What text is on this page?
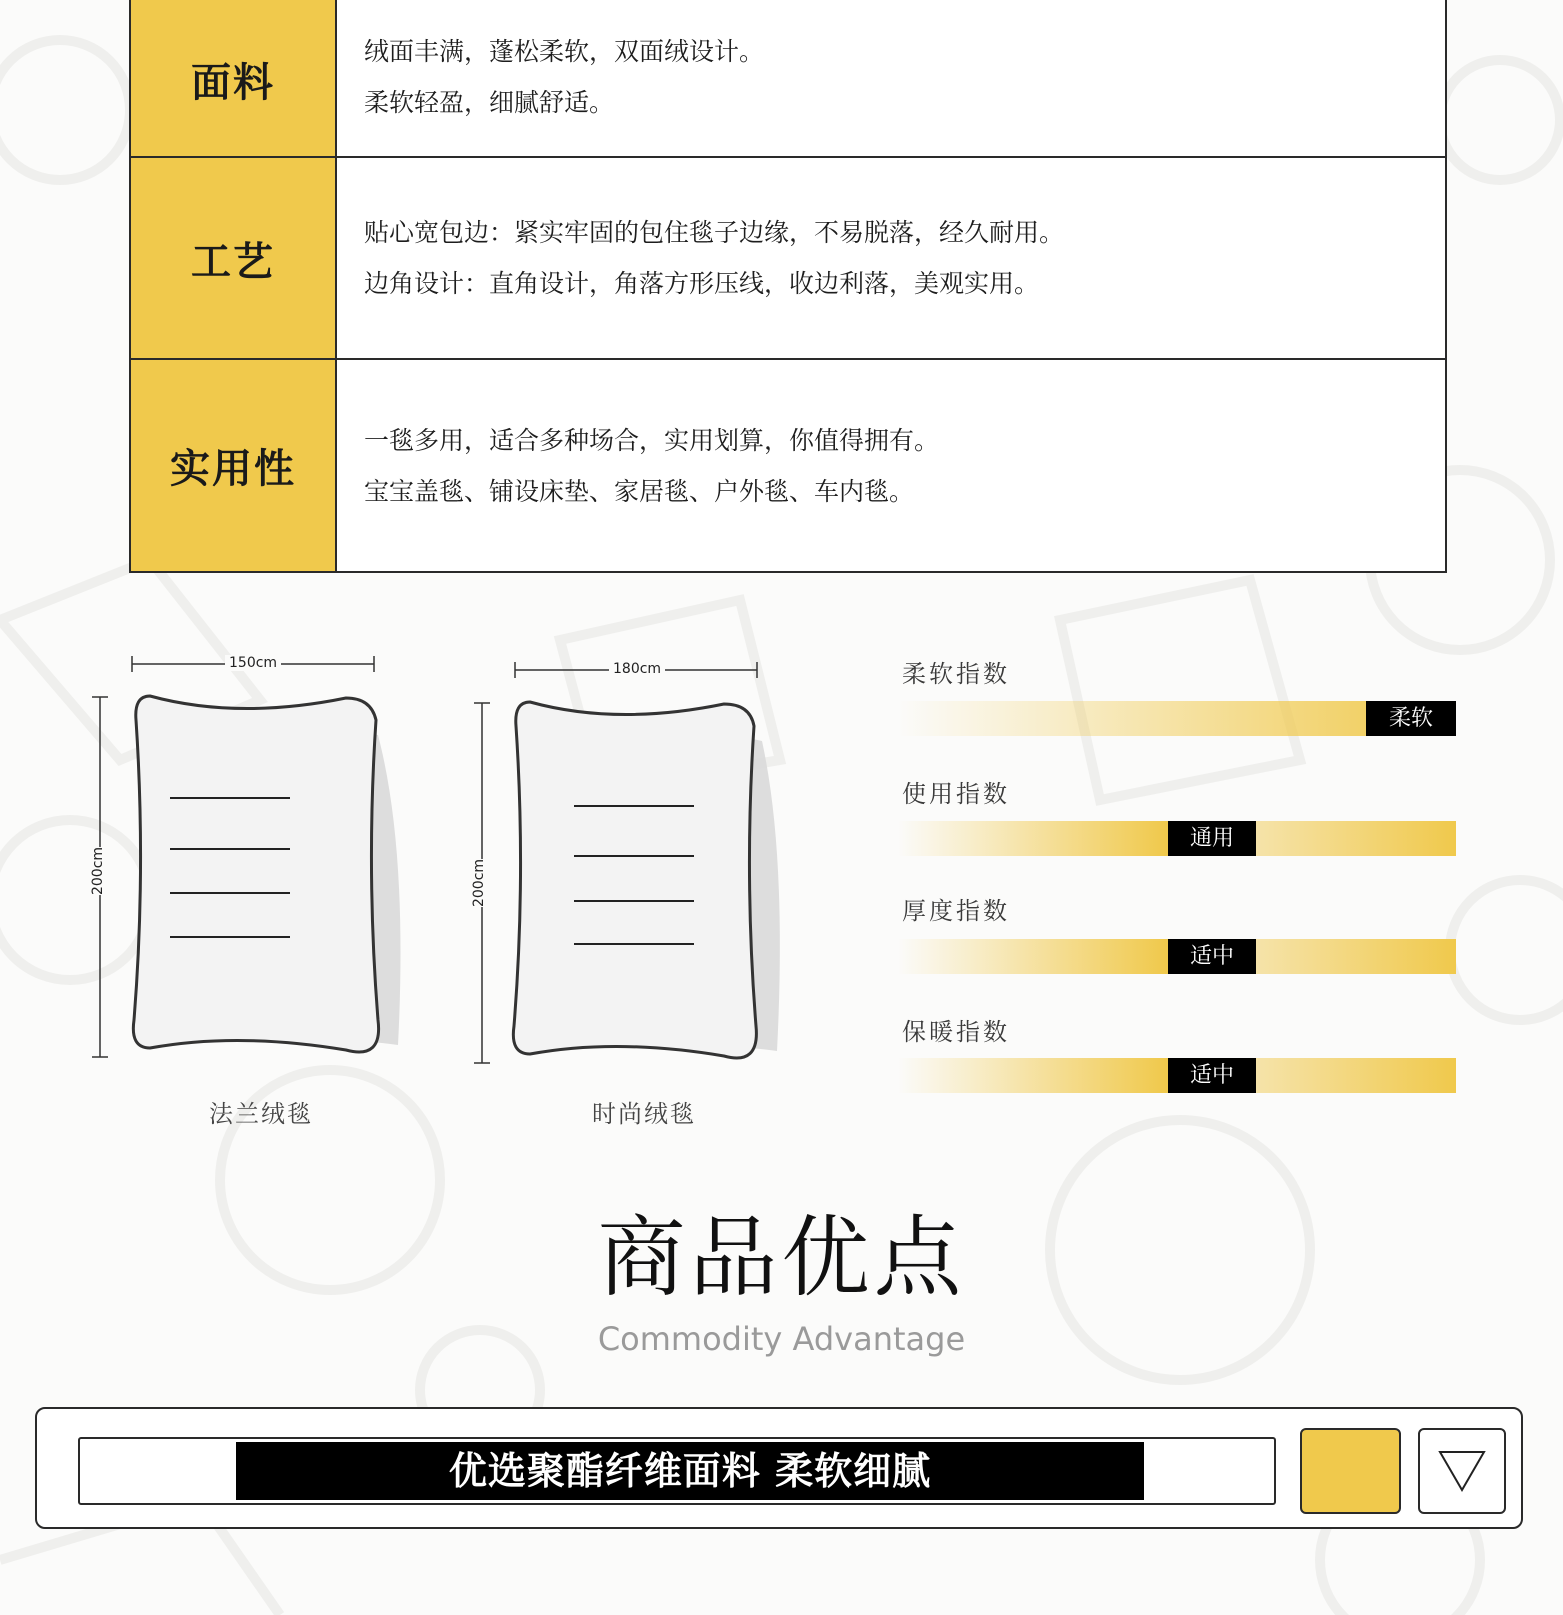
面料
绒面丰满，蓬松柔软，双面绒设计。
柔软轻盈，细腻舒适。
工艺
贴心宽包边：紧实牢固的包住毯子边缘，不易脱落，经久耐用。
边角设计：直角设计，角落方形压线，收边利落，美观实用。
实用性
一毯多用，适合多种场合，实用划算，你值得拥有。
宝宝盖毯、铺设床垫、家居毯、户外毯、车内毯。
150cm
200cm
法兰绒毯
180cm
200cm
时尚绒毯
柔软指数
柔软
使用指数
通用
厚度指数
适中
保暖指数
适中
商品优点
Commodity Advantage
优选聚酯纤维面料 柔软细腻
